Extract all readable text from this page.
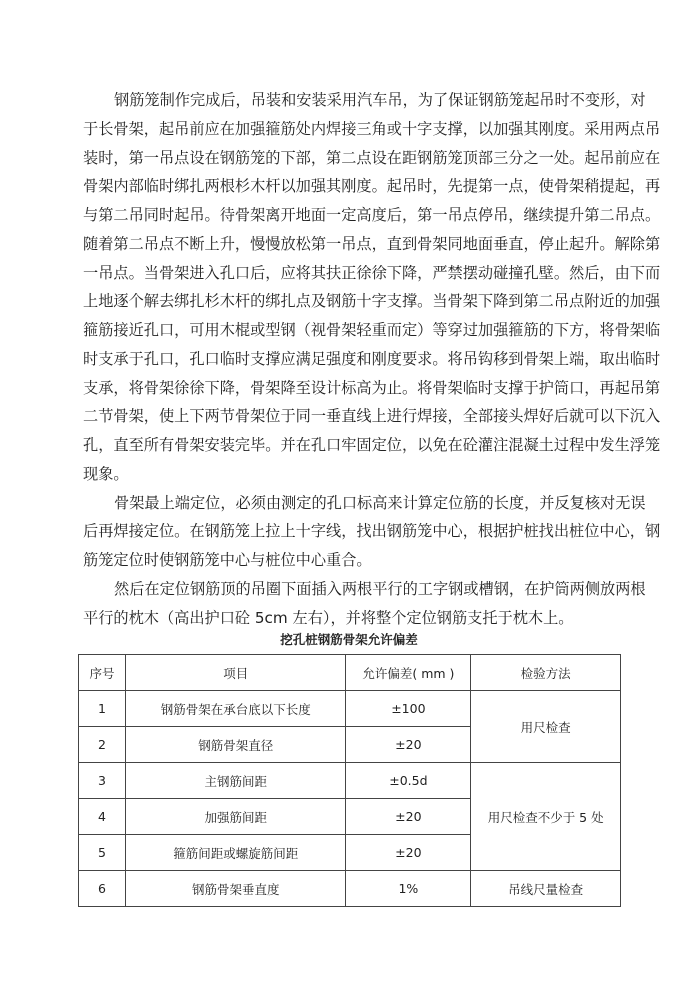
钢筋笼制作完成后，吊装和安装采用汽车吊，为了保证钢筋笼起吊时不变形，对
于长骨架，起吊前应在加强箍筋处内焊接三角或十字支撑，以加强其刚度。采用两点吊
装时，第一吊点设在钢筋笼的下部，第二点设在距钢筋笼顶部三分之一处。起吊前应在
骨架内部临时绑扎两根杉木杆以加强其刚度。起吊时，先提第一点，使骨架稍提起，再
与第二吊同时起吊。待骨架离开地面一定高度后，第一吊点停吊，继续提升第二吊点。
随着第二吊点不断上升，慢慢放松第一吊点，直到骨架同地面垂直，停止起升。解除第
一吊点。当骨架进入孔口后，应将其扶正徐徐下降，严禁摆动碰撞孔壁。然后，由下而
上地逐个解去绑扎杉木杆的绑扎点及钢筋十字支撑。当骨架下降到第二吊点附近的加强
箍筋接近孔口，可用木棍或型钢（视骨架轻重而定）等穿过加强箍筋的下方，将骨架临
时支承于孔口，孔口临时支撑应满足强度和刚度要求。将吊钩移到骨架上端，取出临时
支承，将骨架徐徐下降，骨架降至设计标高为止。将骨架临时支撑于护筒口，再起吊第
二节骨架，使上下两节骨架位于同一垂直线上进行焊接，全部接头焊好后就可以下沉入
孔，直至所有骨架安装完毕。并在孔口牢固定位，以免在砼灌注混凝土过程中发生浮笼
现象。
骨架最上端定位，必须由测定的孔口标高来计算定位筋的长度，并反复核对无误
后再焊接定位。在钢筋笼上拉上十字线，找出钢筋笼中心，根据护桩找出桩位中心，钢
筋笼定位时使钢筋笼中心与桩位中心重合。
然后在定位钢筋顶的吊圈下面插入两根平行的工字钢或槽钢，在护筒两侧放两根
平行的枕木（高出护口砼 5cm 左右），并将整个定位钢筋支托于枕木上。
挖孔桩钢筋骨架允许偏差
序号	项目	允许偏差( mm )	检验方法
1	钢筋骨架在承台底以下长度	±100	用尺检查
2	钢筋骨架直径	±20	
3	主钢筋间距	±0.5d	用尺检查不少于 5 处
4	加强筋间距	±20	
5	箍筋间距或螺旋筋间距	±20	
6	钢筋骨架垂直度	1%	吊线尺量检查
